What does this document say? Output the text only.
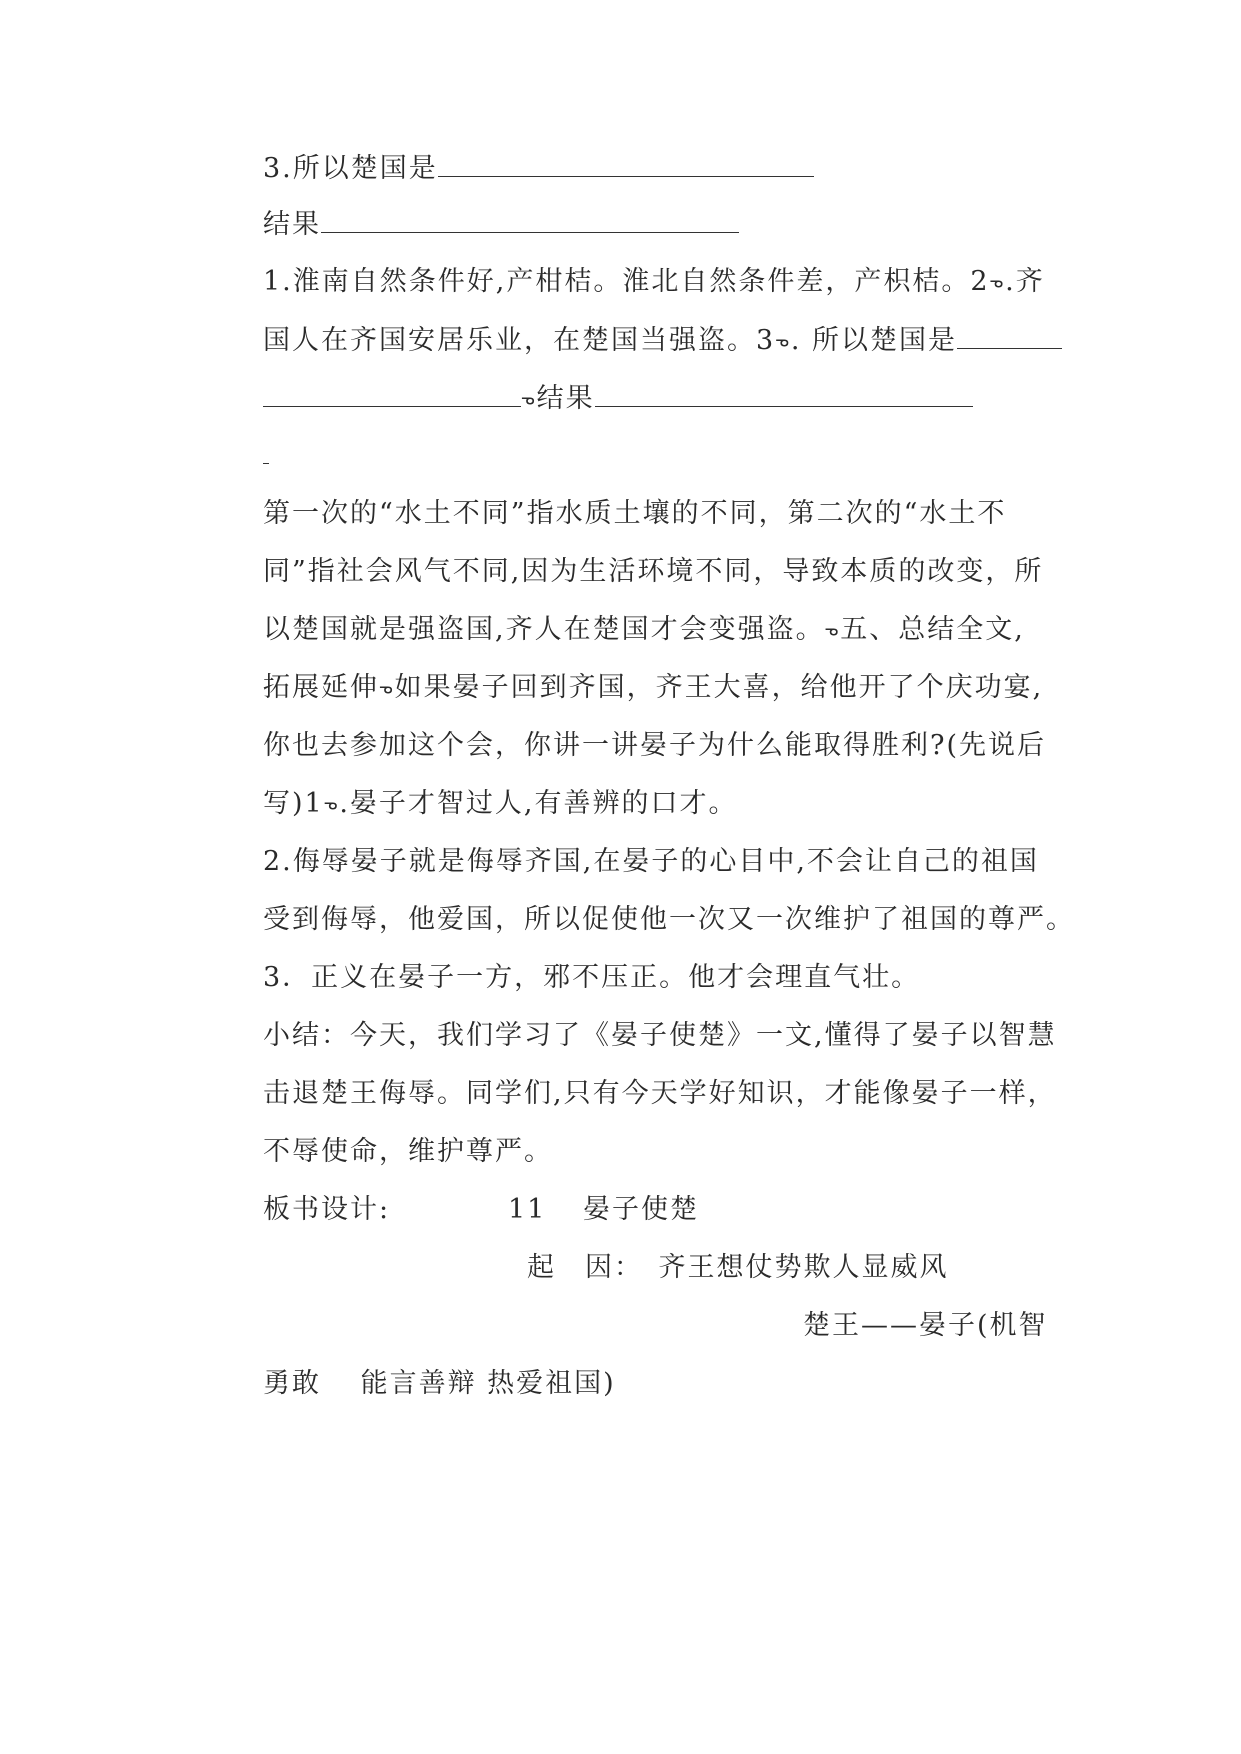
3.所以楚国是
结果
1.淮南自然条件好,产柑桔。淮北自然条件差，产枳桔。2ᓀ.齐
国人在齐国安居乐业，在楚国当强盗。3ᓀ. 所以楚国是
ᓀ结果
第一次的“水土不同”指水质土壤的不同，第二次的“水土不
同”指社会风气不同,因为生活环境不同，导致本质的改变，所
以楚国就是强盗国,齐人在楚国才会变强盗。ᓀ五、总结全文,
拓展延伸ᓀ如果晏子回到齐国，齐王大喜，给他开了个庆功宴,
你也去参加这个会，你讲一讲晏子为什么能取得胜利?(先说后
写)1ᓀ.晏子才智过人,有善辨的口才。
2.侮辱晏子就是侮辱齐国,在晏子的心目中,不会让自己的祖国
受到侮辱，他爱国，所以促使他一次又一次维护了祖国的尊严。
3．正义在晏子一方，邪不压正。他才会理直气壮。
小结：今天，我们学习了《晏子使楚》一文,懂得了晏子以智慧
击退楚王侮辱。同学们,只有今天学好知识，才能像晏子一样，
不辱使命，维护尊严。
板书设计:	11 晏子使楚
起　因：　齐王想仗势欺人显威风
楚王——晏子(机智
勇敢　 能言善辩 热爱祖国)
